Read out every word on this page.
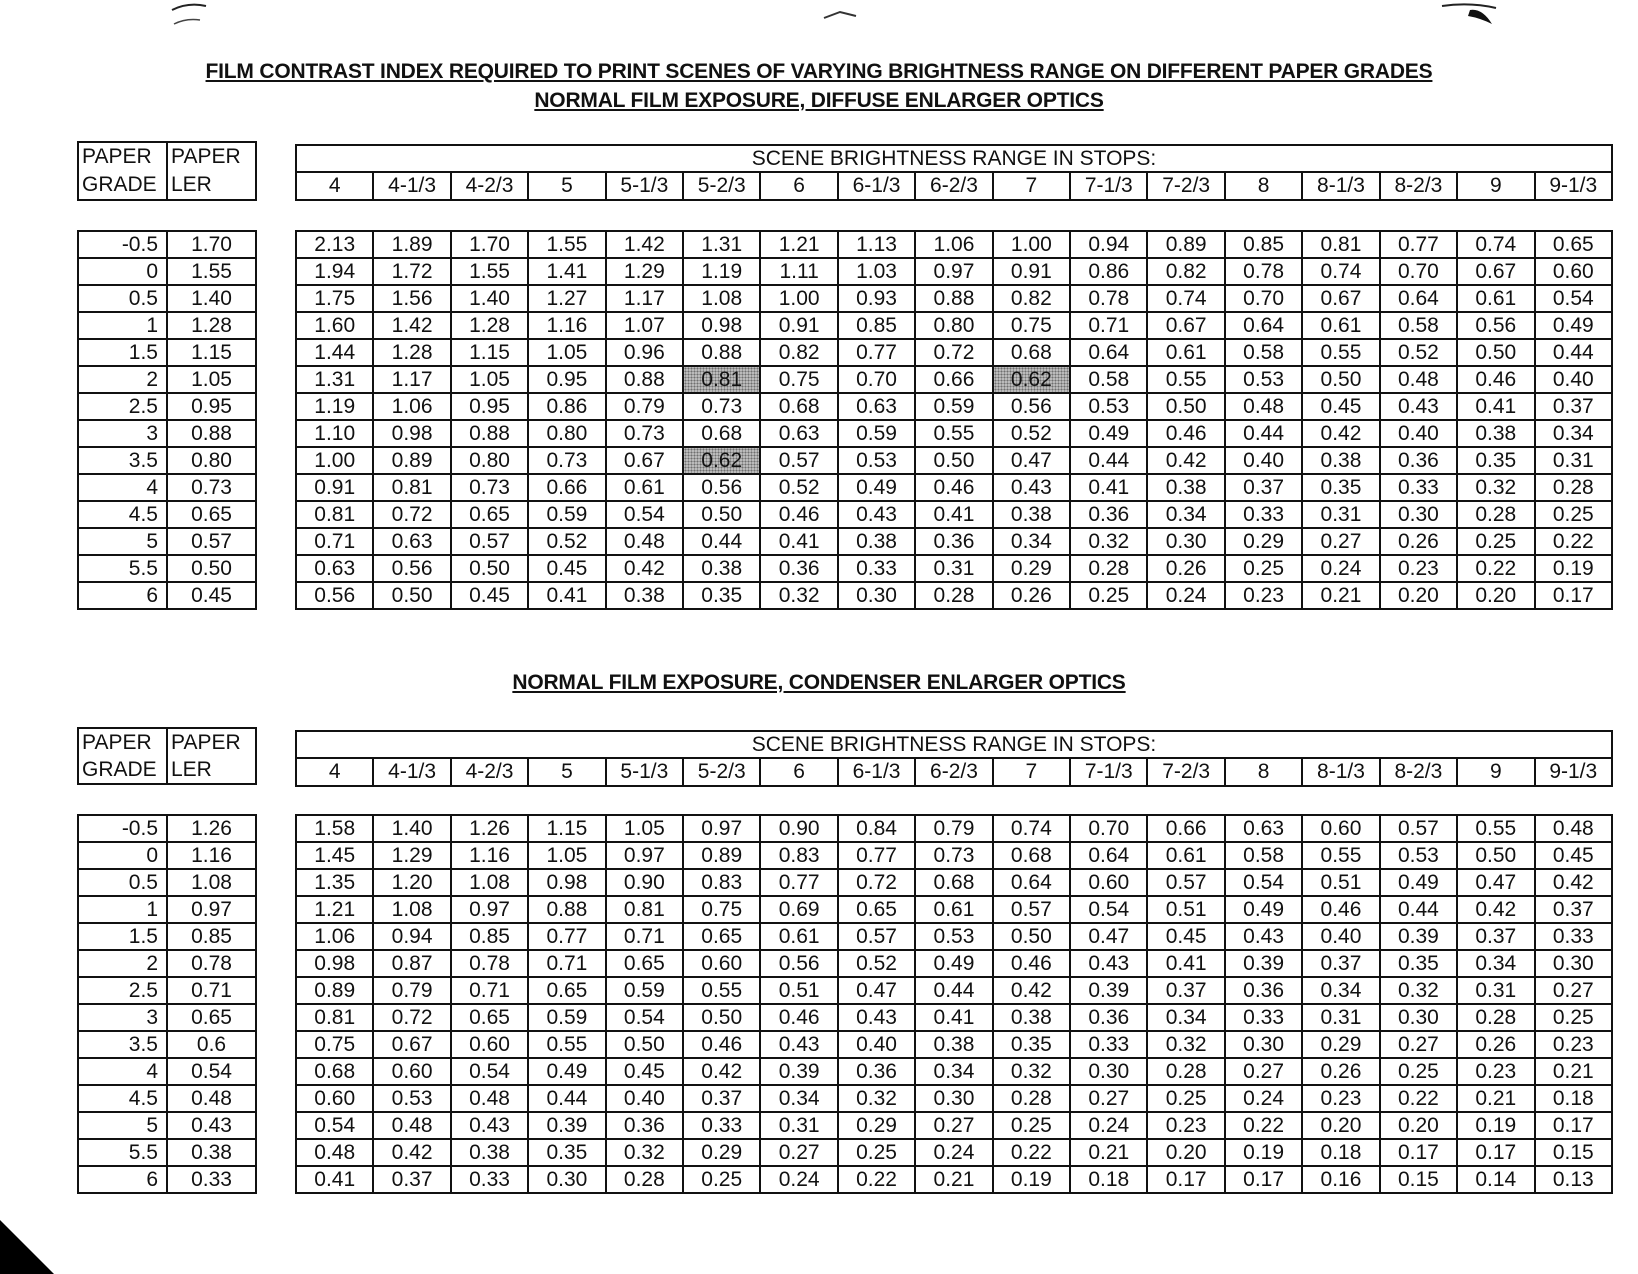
FILM CONTRAST INDEX REQUIRED TO PRINT SCENES OF VARYING BRIGHTNESS RANGE ON DIFFERENT PAPER GRADES
NORMAL FILM EXPOSURE, DIFFUSE ENLARGER OPTICS
NORMAL FILM EXPOSURE, CONDENSER ENLARGER OPTICS
PAPER	PAPER
GRADE	LER
-0.5	1.70
0	1.55
0.5	1.40
1	1.28
1.5	1.15
2	1.05
2.5	0.95
3	0.88
3.5	0.80
4	0.73
4.5	0.65
5	0.57
5.5	0.50
6	0.45
SCENE BRIGHTNESS RANGE IN STOPS:
4	4-1/3	4-2/3	5	5-1/3	5-2/3	6	6-1/3	6-2/3	7	7-1/3	7-2/3	8	8-1/3	8-2/3	9	9-1/3
2.13	1.89	1.70	1.55	1.42	1.31	1.21	1.13	1.06	1.00	0.94	0.89	0.85	0.81	0.77	0.74	0.65
1.94	1.72	1.55	1.41	1.29	1.19	1.11	1.03	0.97	0.91	0.86	0.82	0.78	0.74	0.70	0.67	0.60
1.75	1.56	1.40	1.27	1.17	1.08	1.00	0.93	0.88	0.82	0.78	0.74	0.70	0.67	0.64	0.61	0.54
1.60	1.42	1.28	1.16	1.07	0.98	0.91	0.85	0.80	0.75	0.71	0.67	0.64	0.61	0.58	0.56	0.49
1.44	1.28	1.15	1.05	0.96	0.88	0.82	0.77	0.72	0.68	0.64	0.61	0.58	0.55	0.52	0.50	0.44
1.31	1.17	1.05	0.95	0.88	0.81	0.75	0.70	0.66	0.62	0.58	0.55	0.53	0.50	0.48	0.46	0.40
1.19	1.06	0.95	0.86	0.79	0.73	0.68	0.63	0.59	0.56	0.53	0.50	0.48	0.45	0.43	0.41	0.37
1.10	0.98	0.88	0.80	0.73	0.68	0.63	0.59	0.55	0.52	0.49	0.46	0.44	0.42	0.40	0.38	0.34
1.00	0.89	0.80	0.73	0.67	0.62	0.57	0.53	0.50	0.47	0.44	0.42	0.40	0.38	0.36	0.35	0.31
0.91	0.81	0.73	0.66	0.61	0.56	0.52	0.49	0.46	0.43	0.41	0.38	0.37	0.35	0.33	0.32	0.28
0.81	0.72	0.65	0.59	0.54	0.50	0.46	0.43	0.41	0.38	0.36	0.34	0.33	0.31	0.30	0.28	0.25
0.71	0.63	0.57	0.52	0.48	0.44	0.41	0.38	0.36	0.34	0.32	0.30	0.29	0.27	0.26	0.25	0.22
0.63	0.56	0.50	0.45	0.42	0.38	0.36	0.33	0.31	0.29	0.28	0.26	0.25	0.24	0.23	0.22	0.19
0.56	0.50	0.45	0.41	0.38	0.35	0.32	0.30	0.28	0.26	0.25	0.24	0.23	0.21	0.20	0.20	0.17
PAPER	PAPER
GRADE	LER
-0.5	1.26
0	1.16
0.5	1.08
1	0.97
1.5	0.85
2	0.78
2.5	0.71
3	0.65
3.5	0.6
4	0.54
4.5	0.48
5	0.43
5.5	0.38
6	0.33
SCENE BRIGHTNESS RANGE IN STOPS:
4	4-1/3	4-2/3	5	5-1/3	5-2/3	6	6-1/3	6-2/3	7	7-1/3	7-2/3	8	8-1/3	8-2/3	9	9-1/3
1.58	1.40	1.26	1.15	1.05	0.97	0.90	0.84	0.79	0.74	0.70	0.66	0.63	0.60	0.57	0.55	0.48
1.45	1.29	1.16	1.05	0.97	0.89	0.83	0.77	0.73	0.68	0.64	0.61	0.58	0.55	0.53	0.50	0.45
1.35	1.20	1.08	0.98	0.90	0.83	0.77	0.72	0.68	0.64	0.60	0.57	0.54	0.51	0.49	0.47	0.42
1.21	1.08	0.97	0.88	0.81	0.75	0.69	0.65	0.61	0.57	0.54	0.51	0.49	0.46	0.44	0.42	0.37
1.06	0.94	0.85	0.77	0.71	0.65	0.61	0.57	0.53	0.50	0.47	0.45	0.43	0.40	0.39	0.37	0.33
0.98	0.87	0.78	0.71	0.65	0.60	0.56	0.52	0.49	0.46	0.43	0.41	0.39	0.37	0.35	0.34	0.30
0.89	0.79	0.71	0.65	0.59	0.55	0.51	0.47	0.44	0.42	0.39	0.37	0.36	0.34	0.32	0.31	0.27
0.81	0.72	0.65	0.59	0.54	0.50	0.46	0.43	0.41	0.38	0.36	0.34	0.33	0.31	0.30	0.28	0.25
0.75	0.67	0.60	0.55	0.50	0.46	0.43	0.40	0.38	0.35	0.33	0.32	0.30	0.29	0.27	0.26	0.23
0.68	0.60	0.54	0.49	0.45	0.42	0.39	0.36	0.34	0.32	0.30	0.28	0.27	0.26	0.25	0.23	0.21
0.60	0.53	0.48	0.44	0.40	0.37	0.34	0.32	0.30	0.28	0.27	0.25	0.24	0.23	0.22	0.21	0.18
0.54	0.48	0.43	0.39	0.36	0.33	0.31	0.29	0.27	0.25	0.24	0.23	0.22	0.20	0.20	0.19	0.17
0.48	0.42	0.38	0.35	0.32	0.29	0.27	0.25	0.24	0.22	0.21	0.20	0.19	0.18	0.17	0.17	0.15
0.41	0.37	0.33	0.30	0.28	0.25	0.24	0.22	0.21	0.19	0.18	0.17	0.17	0.16	0.15	0.14	0.13
